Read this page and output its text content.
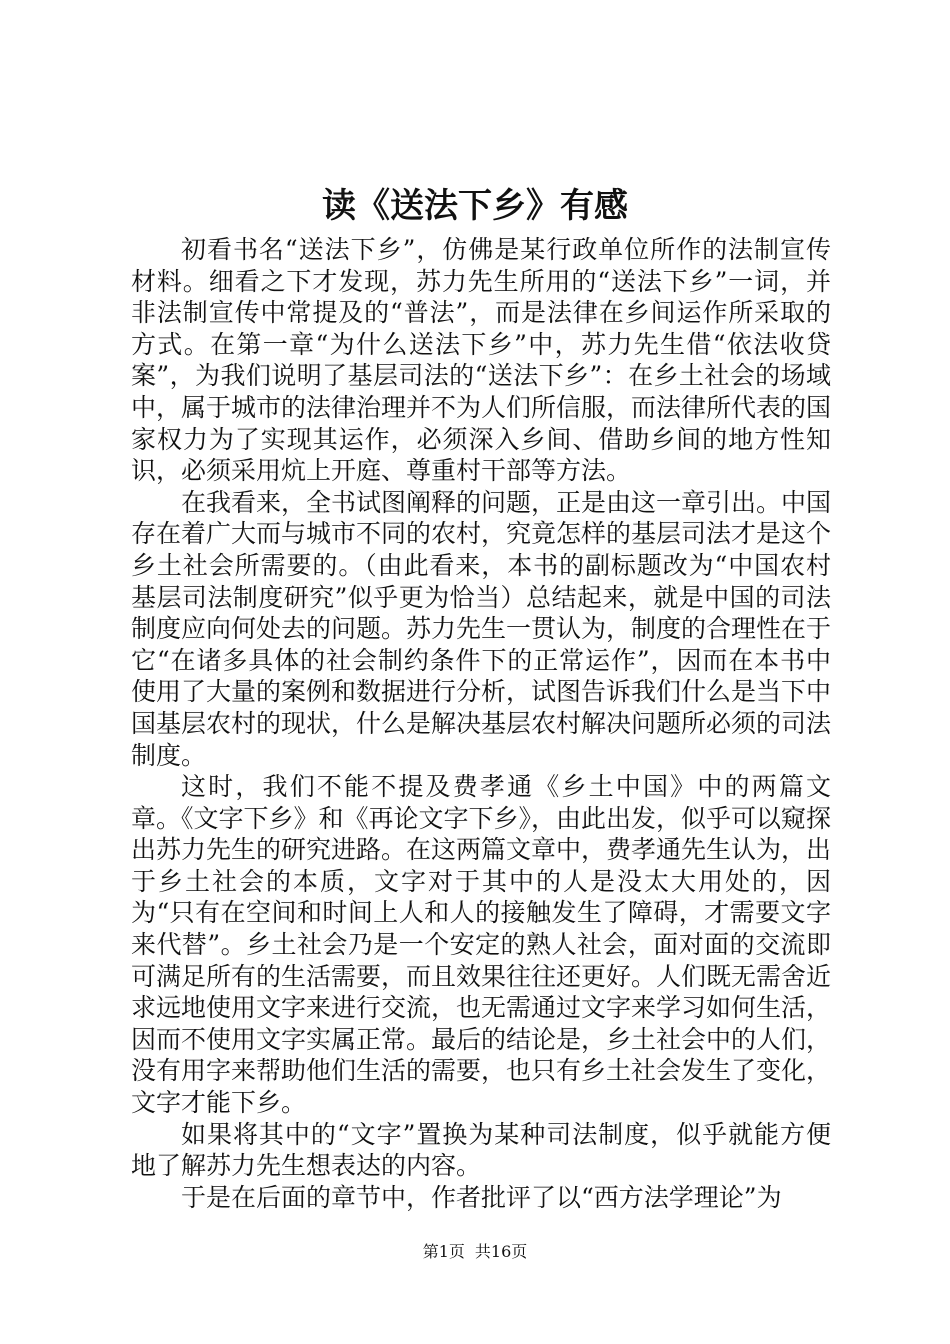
读《送法下乡》有感

初看书名“送法下乡”，仿佛是某行政单位所作的法制宣传材料。细看之下才发现，苏力先生所用的“送法下乡”一词，并非法制宣传中常提及的“普法”，而是法律在乡间运作所采取的方式。在第一章“为什么送法下乡”中，苏力先生借“依法收贷案”，为我们说明了基层司法的“送法下乡”：在乡土社会的场域中，属于城市的法律治理并不为人们所信服，而法律所代表的国家权力为了实现其运作，必须深入乡间、借助乡间的地方性知识，必须采用炕上开庭、尊重村干部等方法。

在我看来，全书试图阐释的问题，正是由这一章引出。中国存在着广大而与城市不同的农村，究竟怎样的基层司法才是这个乡土社会所需要的。（由此看来，本书的副标题改为“中国农村基层司法制度研究”似乎更为恰当）总结起来，就是中国的司法制度应向何处去的问题。苏力先生一贯认为，制度的合理性在于它“在诸多具体的社会制约条件下的正常运作”，因而在本书中使用了大量的案例和数据进行分析，试图告诉我们什么是当下中国基层农村的现状，什么是解决基层农村解决问题所必须的司法制度。

这时，我们不能不提及费孝通《乡土中国》中的两篇文章。《文字下乡》和《再论文字下乡》，由此出发，似乎可以窥探出苏力先生的研究进路。在这两篇文章中，费孝通先生认为，出于乡土社会的本质，文字对于其中的人是没太大用处的，因为“只有在空间和时间上人和人的接触发生了障碍，才需要文字来代替”。乡土社会乃是一个安定的熟人社会，面对面的交流即可满足所有的生活需要，而且效果往往还更好。人们既无需舍近求远地使用文字来进行交流，也无需通过文字来学习如何生活，因而不使用文字实属正常。最后的结论是，乡土社会中的人们，没有用字来帮助他们生活的需要，也只有乡土社会发生了变化，文字才能下乡。

如果将其中的“文字”置换为某种司法制度，似乎就能方便地了解苏力先生想表达的内容。

于是在后面的章节中，作者批评了以“西方法学理论”为

第1页 共16页
